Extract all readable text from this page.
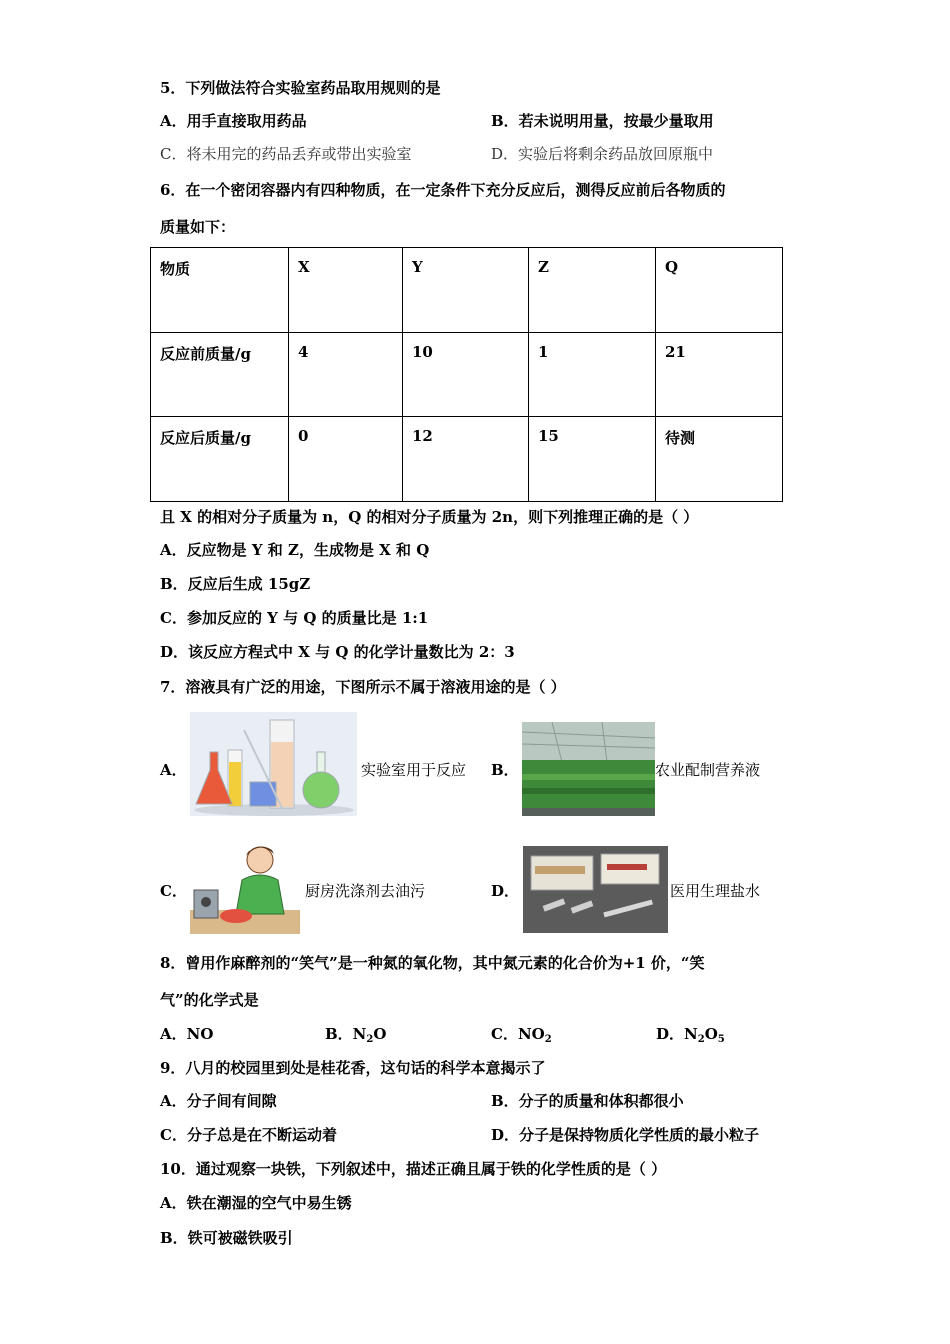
5．下列做法符合实验室药品取用规则的是
A．用手直接取用药品	B．若未说明用量，按最少量取用
C．将未用完的药品丢弃或带出实验室	D．实验后将剩余药品放回原瓶中
6．在一个密闭容器内有四种物质，在一定条件下充分反应后，测得反应前后各物质的
质量如下：
物质	X	Y	Z	Q
反应前质量/g	4	10	1	21
反应后质量/g	0	12	15	待测
且 X 的相对分子质量为 n，Q 的相对分子质量为 2n，则下列推理正确的是（ ）
A．反应物是 Y 和 Z，生成物是 X 和 Q
B．反应后生成 15gZ
C．参加反应的 Y 与 Q 的质量比是 1:1
D．该反应方程式中 X 与 Q 的化学计量数比为 2：3
7．溶液具有广泛的用途，下图所示不属于溶液用途的是（ ）
A．	实验室用于反应 B．	农业配制营养液
C．	厨房洗涤剂去油污	D．	医用生理盐水
8．曾用作麻醉剂的“笑气”是一种氮的氧化物，其中氮元素的化合价为+1 价，“笑
气”的化学式是
A．NO	B．$N_2O$	C．$NO_2$	D．$N_2O_5$
9．八月的校园里到处是桂花香，这句话的科学本意揭示了
A．分子间有间隙	B．分子的质量和体积都很小
C．分子总是在不断运动着	D．分子是保持物质化学性质的最小粒子
10．通过观察一块铁，下列叙述中，描述正确且属于铁的化学性质的是（ ）
A．铁在潮湿的空气中易生锈
B．铁可被磁铁吸引
